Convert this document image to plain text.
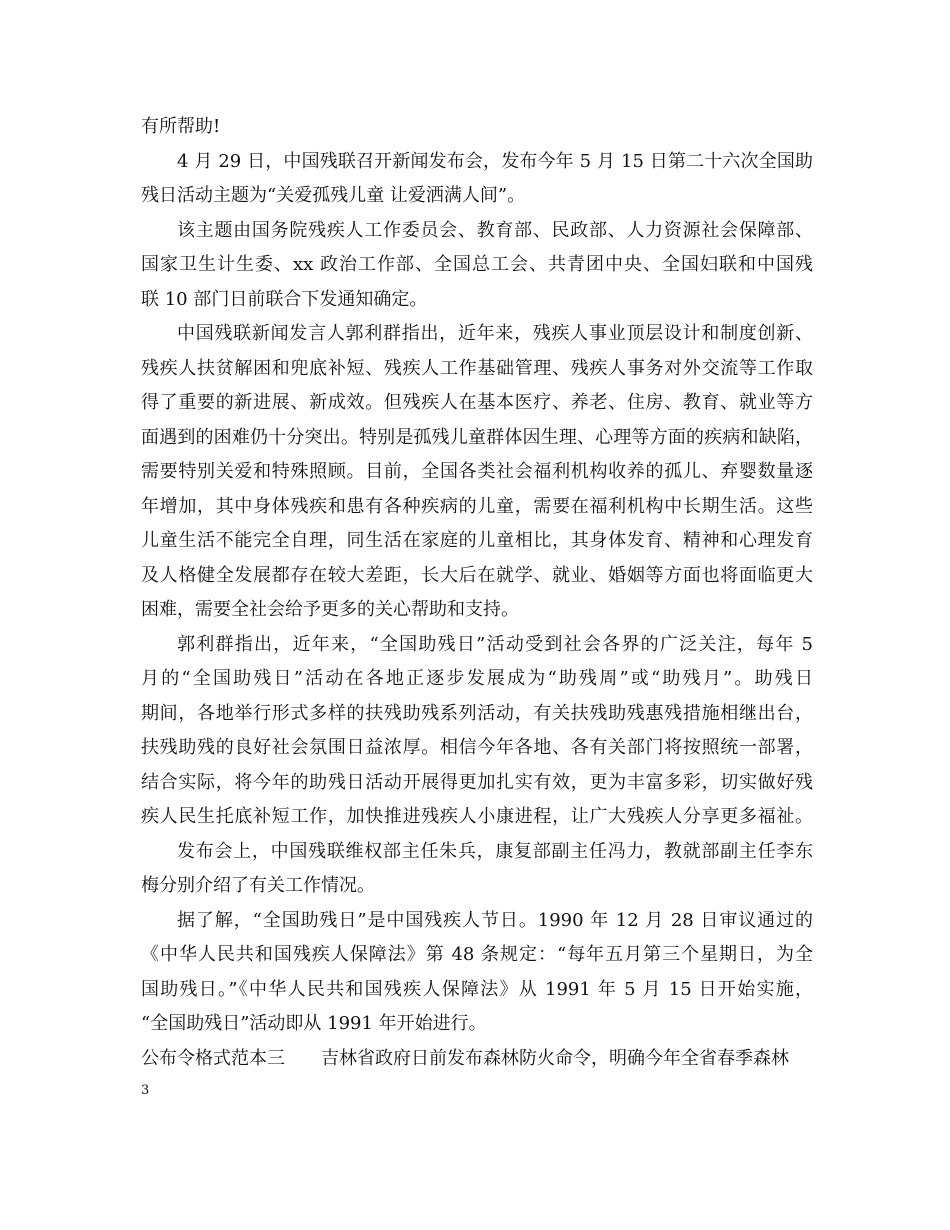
有所帮助!
4 月 29 日，中国残联召开新闻发布会，发布今年 5 月 15 日第二十六次全国助
残日活动主题为“关爱孤残儿童 让爱洒满人间”。
该主题由国务院残疾人工作委员会、教育部、民政部、人力资源社会保障部、
国家卫生计生委、xx 政治工作部、全国总工会、共青团中央、全国妇联和中国残
联 10 部门日前联合下发通知确定。
中国残联新闻发言人郭利群指出，近年来，残疾人事业顶层设计和制度创新、
残疾人扶贫解困和兜底补短、残疾人工作基础管理、残疾人事务对外交流等工作取
得了重要的新进展、新成效。但残疾人在基本医疗、养老、住房、教育、就业等方
面遇到的困难仍十分突出。特别是孤残儿童群体因生理、心理等方面的疾病和缺陷，
需要特别关爱和特殊照顾。目前，全国各类社会福利机构收养的孤儿、弃婴数量逐
年增加，其中身体残疾和患有各种疾病的儿童，需要在福利机构中长期生活。这些
儿童生活不能完全自理，同生活在家庭的儿童相比，其身体发育、精神和心理发育
及人格健全发展都存在较大差距，长大后在就学、就业、婚姻等方面也将面临更大
困难，需要全社会给予更多的关心帮助和支持。
郭利群指出，近年来，“全国助残日”活动受到社会各界的广泛关注，每年 5
月的“全国助残日”活动在各地正逐步发展成为“助残周”或“助残月”。助残日
期间，各地举行形式多样的扶残助残系列活动，有关扶残助残惠残措施相继出台，
扶残助残的良好社会氛围日益浓厚。相信今年各地、各有关部门将按照统一部署，
结合实际，将今年的助残日活动开展得更加扎实有效，更为丰富多彩，切实做好残
疾人民生托底补短工作，加快推进残疾人小康进程，让广大残疾人分享更多福祉。
发布会上，中国残联维权部主任朱兵，康复部副主任冯力，教就部副主任李东
梅分别介绍了有关工作情况。
据了解，“全国助残日”是中国残疾人节日。1990 年 12 月 28 日审议通过的
《中华人民共和国残疾人保障法》第 48 条规定：“每年五月第三个星期日，为全
国助残日。”《中华人民共和国残疾人保障法》从 1991 年 5 月 15 日开始实施，
“全国助残日”活动即从 1991 年开始进行。
公布令格式范本三 吉林省政府日前发布森林防火命令，明确今年全省春季森林
3
